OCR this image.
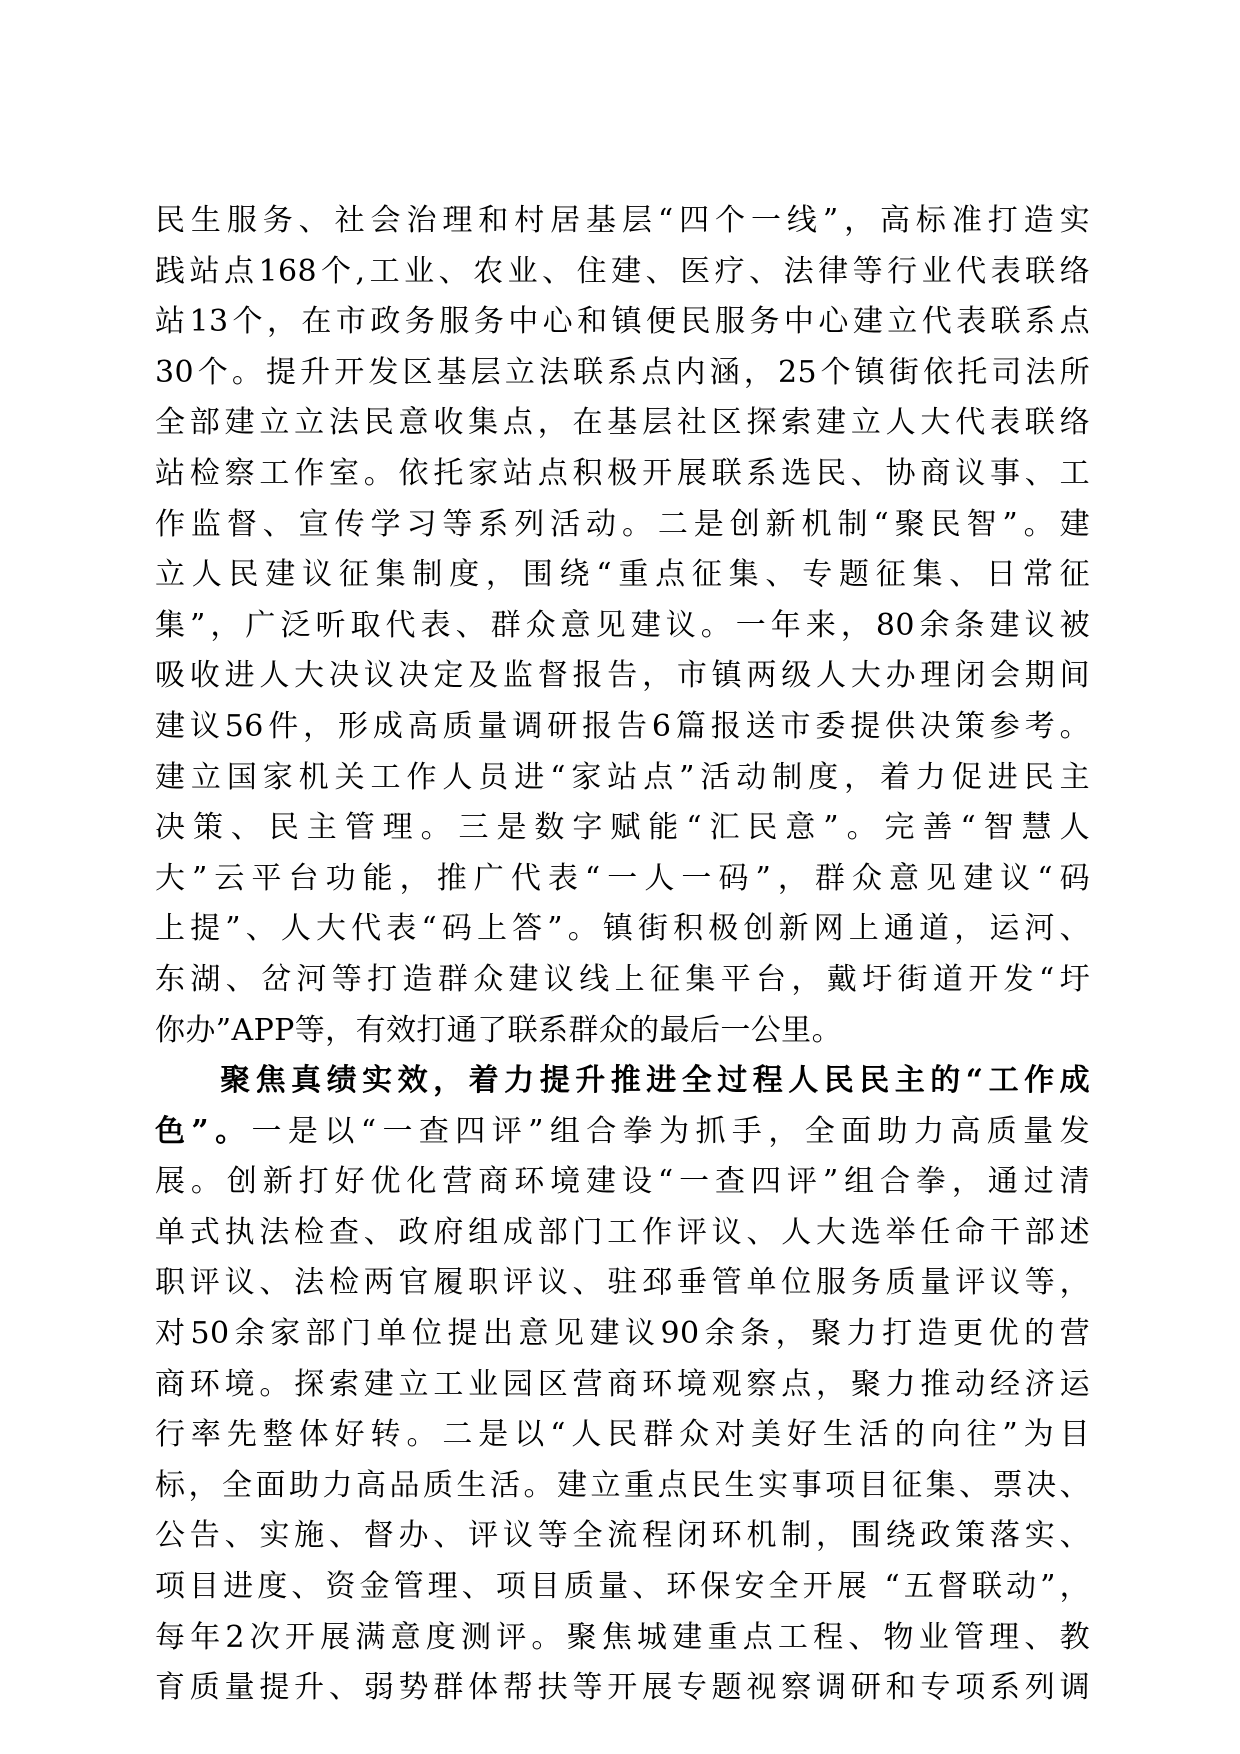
民生服务、社会治理和村居基层“四个一线”，高标准打造实
践站点168个,工业、农业、住建、医疗、法律等行业代表联络
站13个，在市政务服务中心和镇便民服务中心建立代表联系点
30个。提升开发区基层立法联系点内涵，25个镇街依托司法所
全部建立立法民意收集点，在基层社区探索建立人大代表联络
站检察工作室。依托家站点积极开展联系选民、协商议事、工
作监督、宣传学习等系列活动。二是创新机制“聚民智”。建
立人民建议征集制度，围绕“重点征集、专题征集、日常征
集”，广泛听取代表、群众意见建议。一年来，80余条建议被
吸收进人大决议决定及监督报告，市镇两级人大办理闭会期间
建议56件，形成高质量调研报告6篇报送市委提供决策参考。
建立国家机关工作人员进“家站点”活动制度，着力促进民主
决策、民主管理。三是数字赋能“汇民意”。完善“智慧人
大”云平台功能，推广代表“一人一码”，群众意见建议“码
上提”、人大代表“码上答”。镇街积极创新网上通道，运河、
东湖、岔河等打造群众建议线上征集平台，戴圩街道开发“圩
你办”APP等，有效打通了联系群众的最后一公里。
聚焦真绩实效，着力提升推进全过程人民民主的“工作成
色”。一是以“一查四评”组合拳为抓手，全面助力高质量发
展。创新打好优化营商环境建设“一查四评”组合拳，通过清
单式执法检查、政府组成部门工作评议、人大选举任命干部述
职评议、法检两官履职评议、驻邳垂管单位服务质量评议等，
对50余家部门单位提出意见建议90余条，聚力打造更优的营
商环境。探索建立工业园区营商环境观察点，聚力推动经济运
行率先整体好转。二是以“人民群众对美好生活的向往”为目
标，全面助力高品质生活。建立重点民生实事项目征集、票决、
公告、实施、督办、评议等全流程闭环机制，围绕政策落实、
项目进度、资金管理、项目质量、环保安全开展 “五督联动”，
每年2次开展满意度测评。聚焦城建重点工程、物业管理、教
育质量提升、弱势群体帮扶等开展专题视察调研和专项系列调
